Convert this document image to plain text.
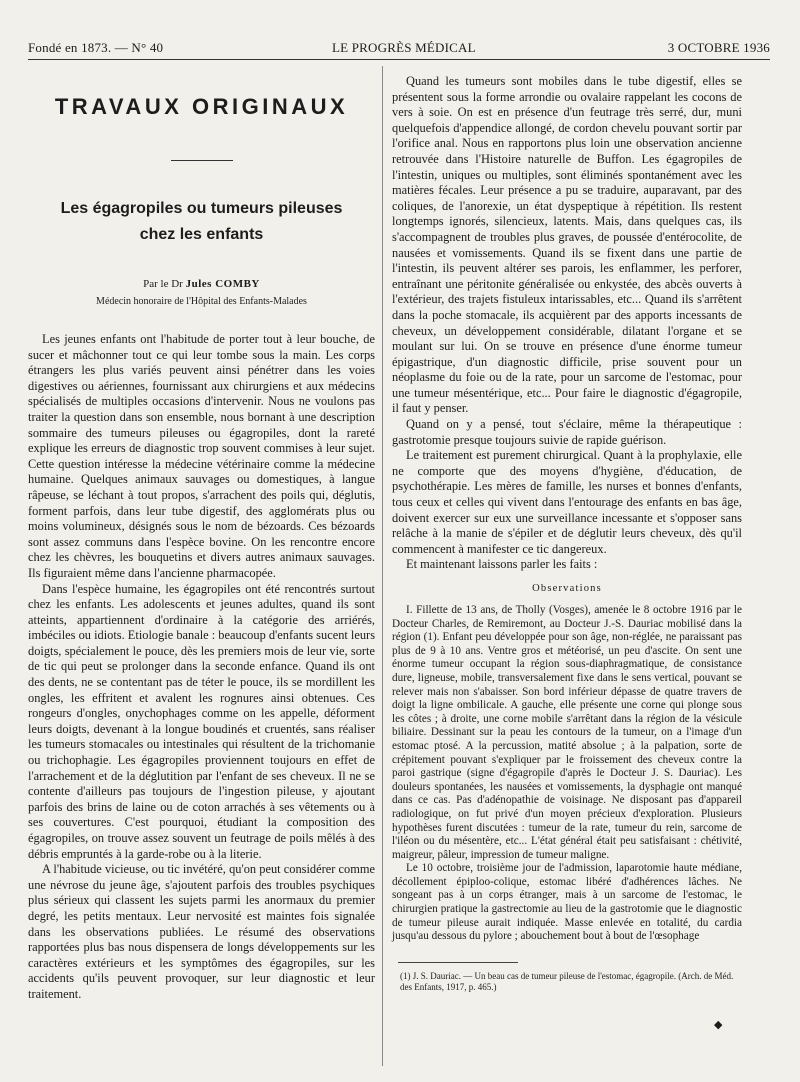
Fondé en 1873. — N° 40	LE PROGRÈS MÉDICAL	3 OCTOBRE 1936
TRAVAUX ORIGINAUX
Les égagropiles ou tumeurs pileuses
chez les enfants
Par le Dr Jules COMBY
Médecin honoraire de l'Hôpital des Enfants-Malades

Les jeunes enfants ont l'habitude de porter tout à leur bouche, de sucer et mâchonner tout ce qui leur tombe sous la main. Les corps étrangers les plus variés peuvent ainsi pénétrer dans les voies digestives ou aériennes, fournissant aux chirurgiens et aux médecins spécialisés de multiples occasions d'intervenir. Nous ne voulons pas traiter la question dans son ensemble, nous bornant à une description sommaire des tumeurs pileuses ou égagropiles, dont la rareté explique les erreurs de diagnostic trop souvent commises à leur sujet. Cette question intéresse la médecine vétérinaire comme la médecine humaine. Quelques animaux sauvages ou domestiques, à langue râpeuse, se léchant à tout propos, s'arrachent des poils qui, déglutis, forment parfois, dans leur tube digestif, des agglomérats plus ou moins volumineux, désignés sous le nom de bézoards. Ces bézoards sont assez communs dans l'espèce bovine. On les rencontre encore chez les chèvres, les bouquetins et divers autres animaux sauvages. Ils figuraient même dans l'ancienne pharmacopée.

Dans l'espèce humaine, les égagropiles ont été rencontrés surtout chez les enfants. Les adolescents et jeunes adultes, quand ils sont atteints, appartiennent d'ordinaire à la catégorie des arriérés, imbéciles ou idiots. Etiologie banale : beaucoup d'enfants sucent leurs doigts, spécialement le pouce, dès les premiers mois de leur vie, sorte de tic qui peut se prolonger dans la seconde enfance. Quand ils ont des dents, ne se contentant pas de téter le pouce, ils se mordillent les ongles, les effritent et avalent les rognures ainsi obtenues. Ces rongeurs d'ongles, onychophages comme on les appelle, déforment leurs doigts, devenant à la longue boudinés et cruentés, sans réaliser les tumeurs stomacales ou intestinales qui résultent de la trichomanie ou trichophagie. Les égagropiles proviennent toujours en effet de l'arrachement et de la déglutition par l'enfant de ses cheveux. Il ne se contente d'ailleurs pas toujours de l'ingestion pileuse, y ajoutant parfois des brins de laine ou de coton arrachés à ses vêtements ou à ses couvertures. C'est pourquoi, étudiant la composition des égagropiles, on trouve assez souvent un feutrage de poils mêlés à des débris empruntés à la garde-robe ou à la literie.

A l'habitude vicieuse, ou tic invétéré, qu'on peut considérer comme une névrose du jeune âge, s'ajoutent parfois des troubles psychiques plus sérieux qui classent les sujets parmi les anormaux du premier degré, les petits mentaux. Leur nervosité est maintes fois signalée dans les observations publiées. Le résumé des observations rapportées plus bas nous dispensera de longs développements sur les caractères extérieurs et les symptômes des égagropiles, sur les accidents qu'ils peuvent provoquer, sur leur diagnostic et leur traitement.

Quand les tumeurs sont mobiles dans le tube digestif, elles se présentent sous la forme arrondie ou ovalaire rappelant les cocons de vers à soie. On est en présence d'un feutrage très serré, dur, muni quelquefois d'appendice allongé, de cordon chevelu pouvant sortir par l'orifice anal. Nous en rapportons plus loin une observation ancienne retrouvée dans l'Histoire naturelle de Buffon. Les égagropiles de l'intestin, uniques ou multiples, sont éliminés spontanément avec les matières fécales. Leur présence a pu se traduire, auparavant, par des coliques, de l'anorexie, un état dyspeptique à répétition. Ils restent longtemps ignorés, silencieux, latents. Mais, dans quelques cas, ils s'accompagnent de troubles plus graves, de poussée d'entérocolite, de nausées et vomissements. Quand ils se fixent dans une partie de l'intestin, ils peuvent altérer ses parois, les enflammer, les perforer, entraînant une péritonite généralisée ou enkystée, des abcès ouverts à l'extérieur, des trajets fistuleux intarissables, etc... Quand ils s'arrêtent dans la poche stomacale, ils acquièrent par des apports incessants de cheveux, un développement considérable, dilatant l'organe et se moulant sur lui. On se trouve en présence d'une énorme tumeur épigastrique, d'un diagnostic difficile, prise souvent pour un néoplasme du foie ou de la rate, pour un sarcome de l'estomac, pour une tumeur mésentérique, etc... Pour faire le diagnostic d'égagropile, il faut y penser.

Quand on y a pensé, tout s'éclaire, même la thérapeutique : gastrotomie presque toujours suivie de rapide guérison.

Le traitement est purement chirurgical. Quant à la prophylaxie, elle ne comporte que des moyens d'hygiène, d'éducation, de psychothérapie. Les mères de famille, les nurses et bonnes d'enfants, tous ceux et celles qui vivent dans l'entourage des enfants en bas âge, doivent exercer sur eux une surveillance incessante et s'opposer sans relâche à la manie de s'épiler et de déglutir leurs cheveux, dès qu'il commencent à manifester ce tic dangereux.

Et maintenant laissons parler les faits :

Observations

I. Fillette de 13 ans, de Tholly (Vosges), amenée le 8 octobre 1916 par le Docteur Charles, de Remiremont, au Docteur J.-S. Dauriac mobilisé dans la région (1). Enfant peu développée pour son âge, non-réglée, ne paraissant pas plus de 9 à 10 ans. Ventre gros et météorisé, un peu d'ascite. On sent une énorme tumeur occupant la région sous-diaphragmatique, de consistance dure, ligneuse, mobile, transversalement fixe dans le sens vertical, pouvant se relever mais non s'abaisser. Son bord inférieur dépasse de quatre travers de doigt la ligne ombilicale. A gauche, elle présente une corne qui plonge sous les côtes ; à droite, une corne mobile s'arrêtant dans la région de la vésicule biliaire. Dessinant sur la peau les contours de la tumeur, on a l'image d'un estomac ptosé. A la percussion, matité absolue ; à la palpation, sorte de crépitement pouvant s'expliquer par le froissement des cheveux contre la paroi gastrique (signe d'égagropile d'après le Docteur J. S. Dauriac). Les douleurs spontanées, les nausées et vomissements, la dysphagie ont manqué dans ce cas. Pas d'adénopathie de voisinage. Ne disposant pas d'appareil radiologique, on fut privé d'un moyen précieux d'exploration. Plusieurs hypothèses furent discutées : tumeur de la rate, tumeur du rein, sarcome de l'iléon ou du mésentère, etc... L'état général était peu satisfaisant : chétivité, maigreur, pâleur, impression de tumeur maligne.

Le 10 octobre, troisième jour de l'admission, laparotomie haute médiane, décollement épiploo-colique, estomac libéré d'adhérences lâches. Ne songeant pas à un corps étranger, mais à un sarcome de l'estomac, le chirurgien pratique la gastrectomie au lieu de la gastrotomie que le diagnostic de tumeur pileuse aurait indiquée. Masse enlevée en totalité, du cardia jusqu'au dessous du pylore ; abouchement bout à bout de l'œsophage

(1) J. S. Dauriac. — Un beau cas de tumeur pileuse de l'estomac, égagropile. (Arch. de Méd. des Enfants, 1917, p. 465.)

◆
